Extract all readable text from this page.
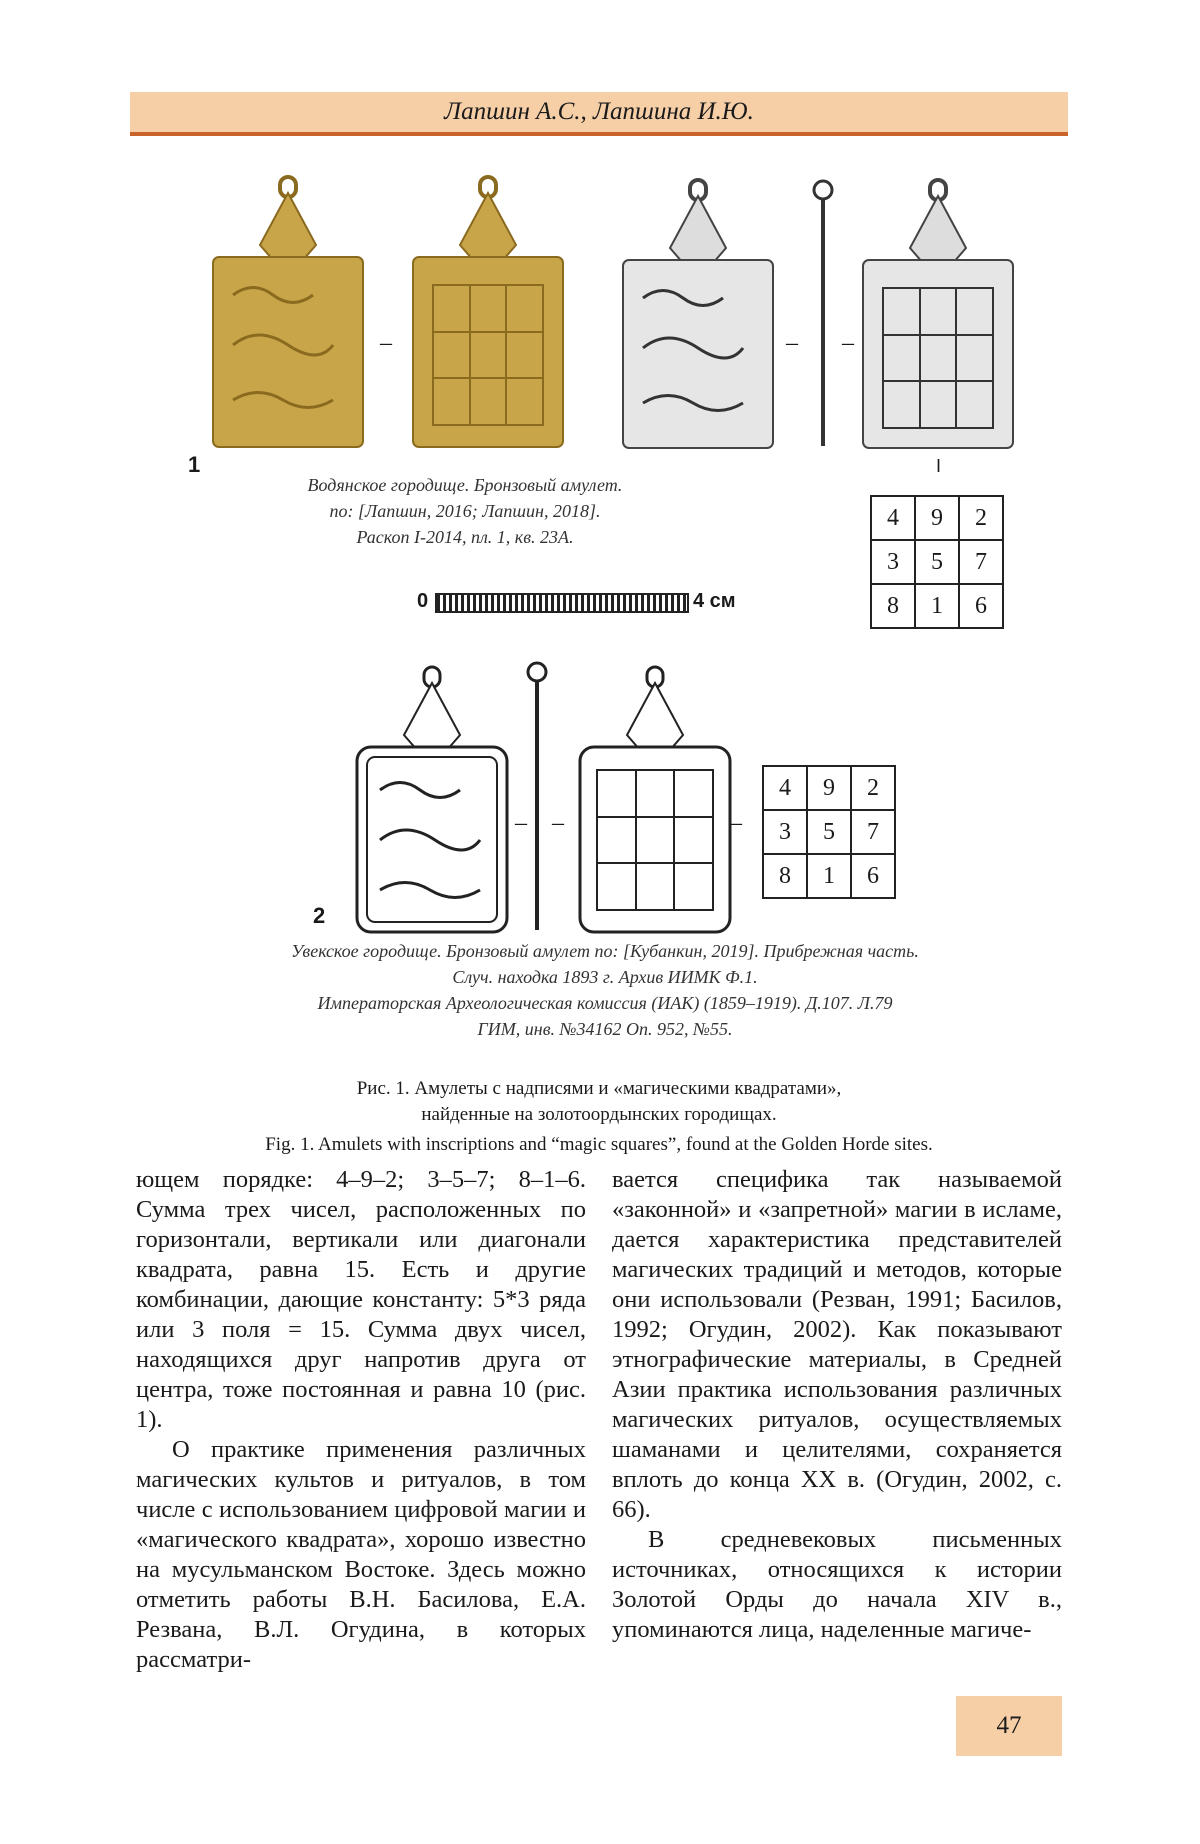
Лапшин А.С., Лапшина И.Ю.
–	– –
1	I
Водянское городище. Бронзовый амулет.
по: [Лапшин, 2016; Лапшин, 2018].
Раскоп I-2014, пл. 1, кв. 23А.
0	4 см
4	9	2
3	5	7
8	1	6
– –	–
4	9	2
3	5	7
8	1	6
2
Увекское городище. Бронзовый амулет по: [Кубанкин, 2019]. Прибрежная часть.
Случ. находка 1893 г. Архив ИИМК Ф.1.
Императорская Археологическая комиссия (ИАК) (1859–1919). Д.107. Л.79
ГИМ, инв. №34162 Оп. 952, №55.
Рис. 1. Амулеты с надписями и «магическими квадратами»,
найденные на золотоордынских городищах.
Fig. 1. Amulets with inscriptions and “magic squares”, found at the Golden Horde sites.

ющем порядке: 4–9–2; 3–5–7; 8–1–6. Сумма трех чисел, расположенных по горизонтали, вертикали или диагонали квадрата, равна 15. Есть и другие комбинации, дающие константу: 5*3 ряда или 3 поля = 15. Сумма двух чисел, находящихся друг напротив друга от центра, тоже постоянная и равна 10 (рис. 1).

О практике применения различных магических культов и ритуалов, в том числе с использованием цифровой магии и «магического квадрата», хорошо известно на мусульманском Востоке. Здесь можно отметить работы В.Н. Басилова, Е.А. Резвана, В.Л. Огудина, в которых рассматри-

вается специфика так называемой «законной» и «запретной» магии в исламе, дается характеристика представителей магических традиций и методов, которые они использовали (Резван, 1991; Басилов, 1992; Огудин, 2002). Как показывают этнографические материалы, в Средней Азии практика использования различных магических ритуалов, осуществляемых шаманами и целителями, сохраняется вплоть до конца XX в. (Огудин, 2002, с. 66).

В средневековых письменных источниках, относящихся к истории Золотой Орды до начала XIV в., упоминаются лица, наделенные магиче-

47
